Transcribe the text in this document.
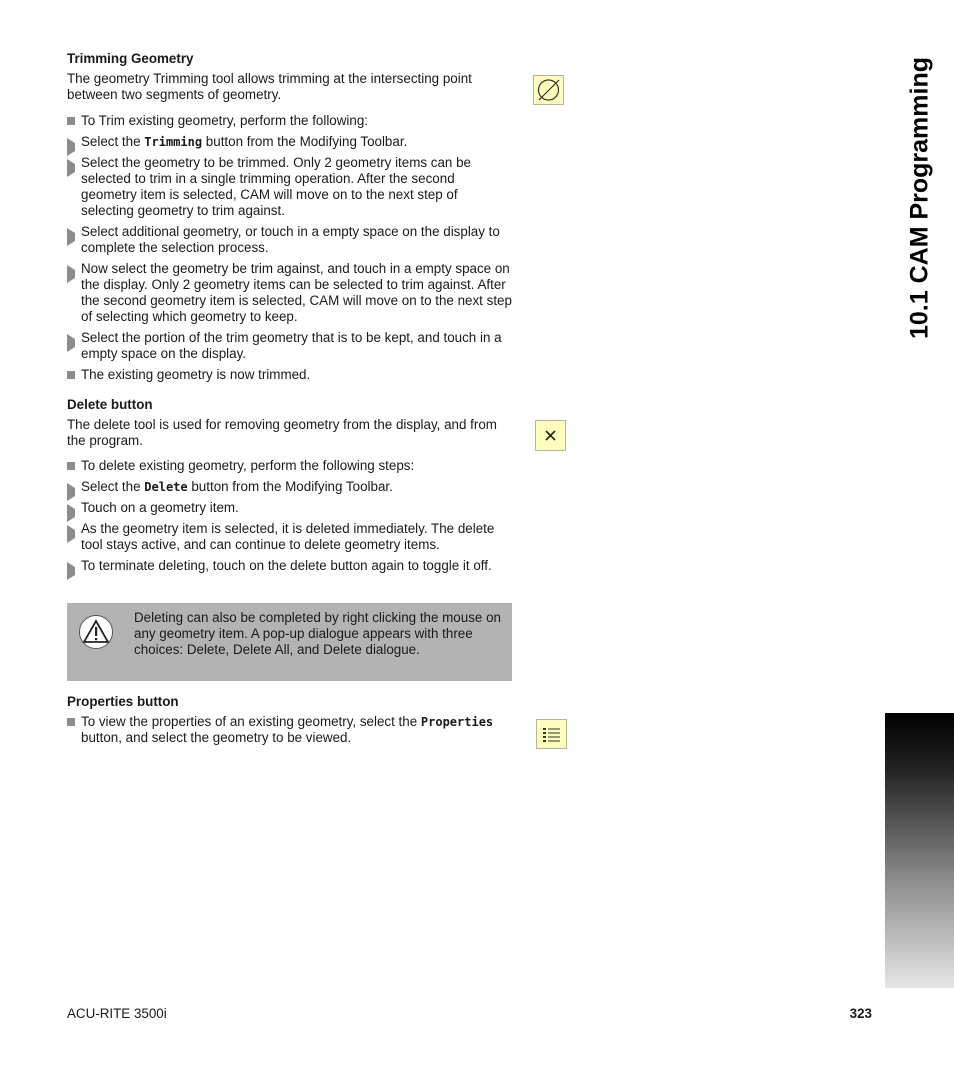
Trimming Geometry

The geometry Trimming tool allows trimming at the intersecting point between two segments of geometry.

To Trim existing geometry, perform the following:
Select the Trimming button from the Modifying Toolbar.
Select the geometry to be trimmed. Only 2 geometry items can be selected to trim in a single trimming operation. After the second geometry item is selected, CAM will move on to the next step of selecting geometry to trim against.
Select additional geometry, or touch in a empty space on the display to complete the selection process.
Now select the geometry be trim against, and touch in a empty space on the display. Only 2 geometry items can be selected to trim against. After the second geometry item is selected, CAM will move on to the next step of selecting which geometry to keep.
Select the portion of the trim geometry that is to be kept, and touch in a empty space on the display.
The existing geometry is now trimmed.
Delete button

The delete tool is used for removing geometry from the display, and from the program.

To delete existing geometry, perform the following steps:
Select the Delete button from the Modifying Toolbar.
Touch on a geometry item.
As the geometry item is selected, it is deleted immediately. The delete tool stays active, and can continue to delete geometry items.
To terminate deleting, touch on the delete button again to toggle it off.
Deleting can also be completed by right clicking the mouse on any geometry item. A pop-up dialogue appears with three choices: Delete, Delete All, and Delete dialogue.
Properties button
To view the properties of an existing geometry, select the Properties button, and select the geometry to be viewed.
10.1 CAM Programming
ACU-RITE 3500i	323
